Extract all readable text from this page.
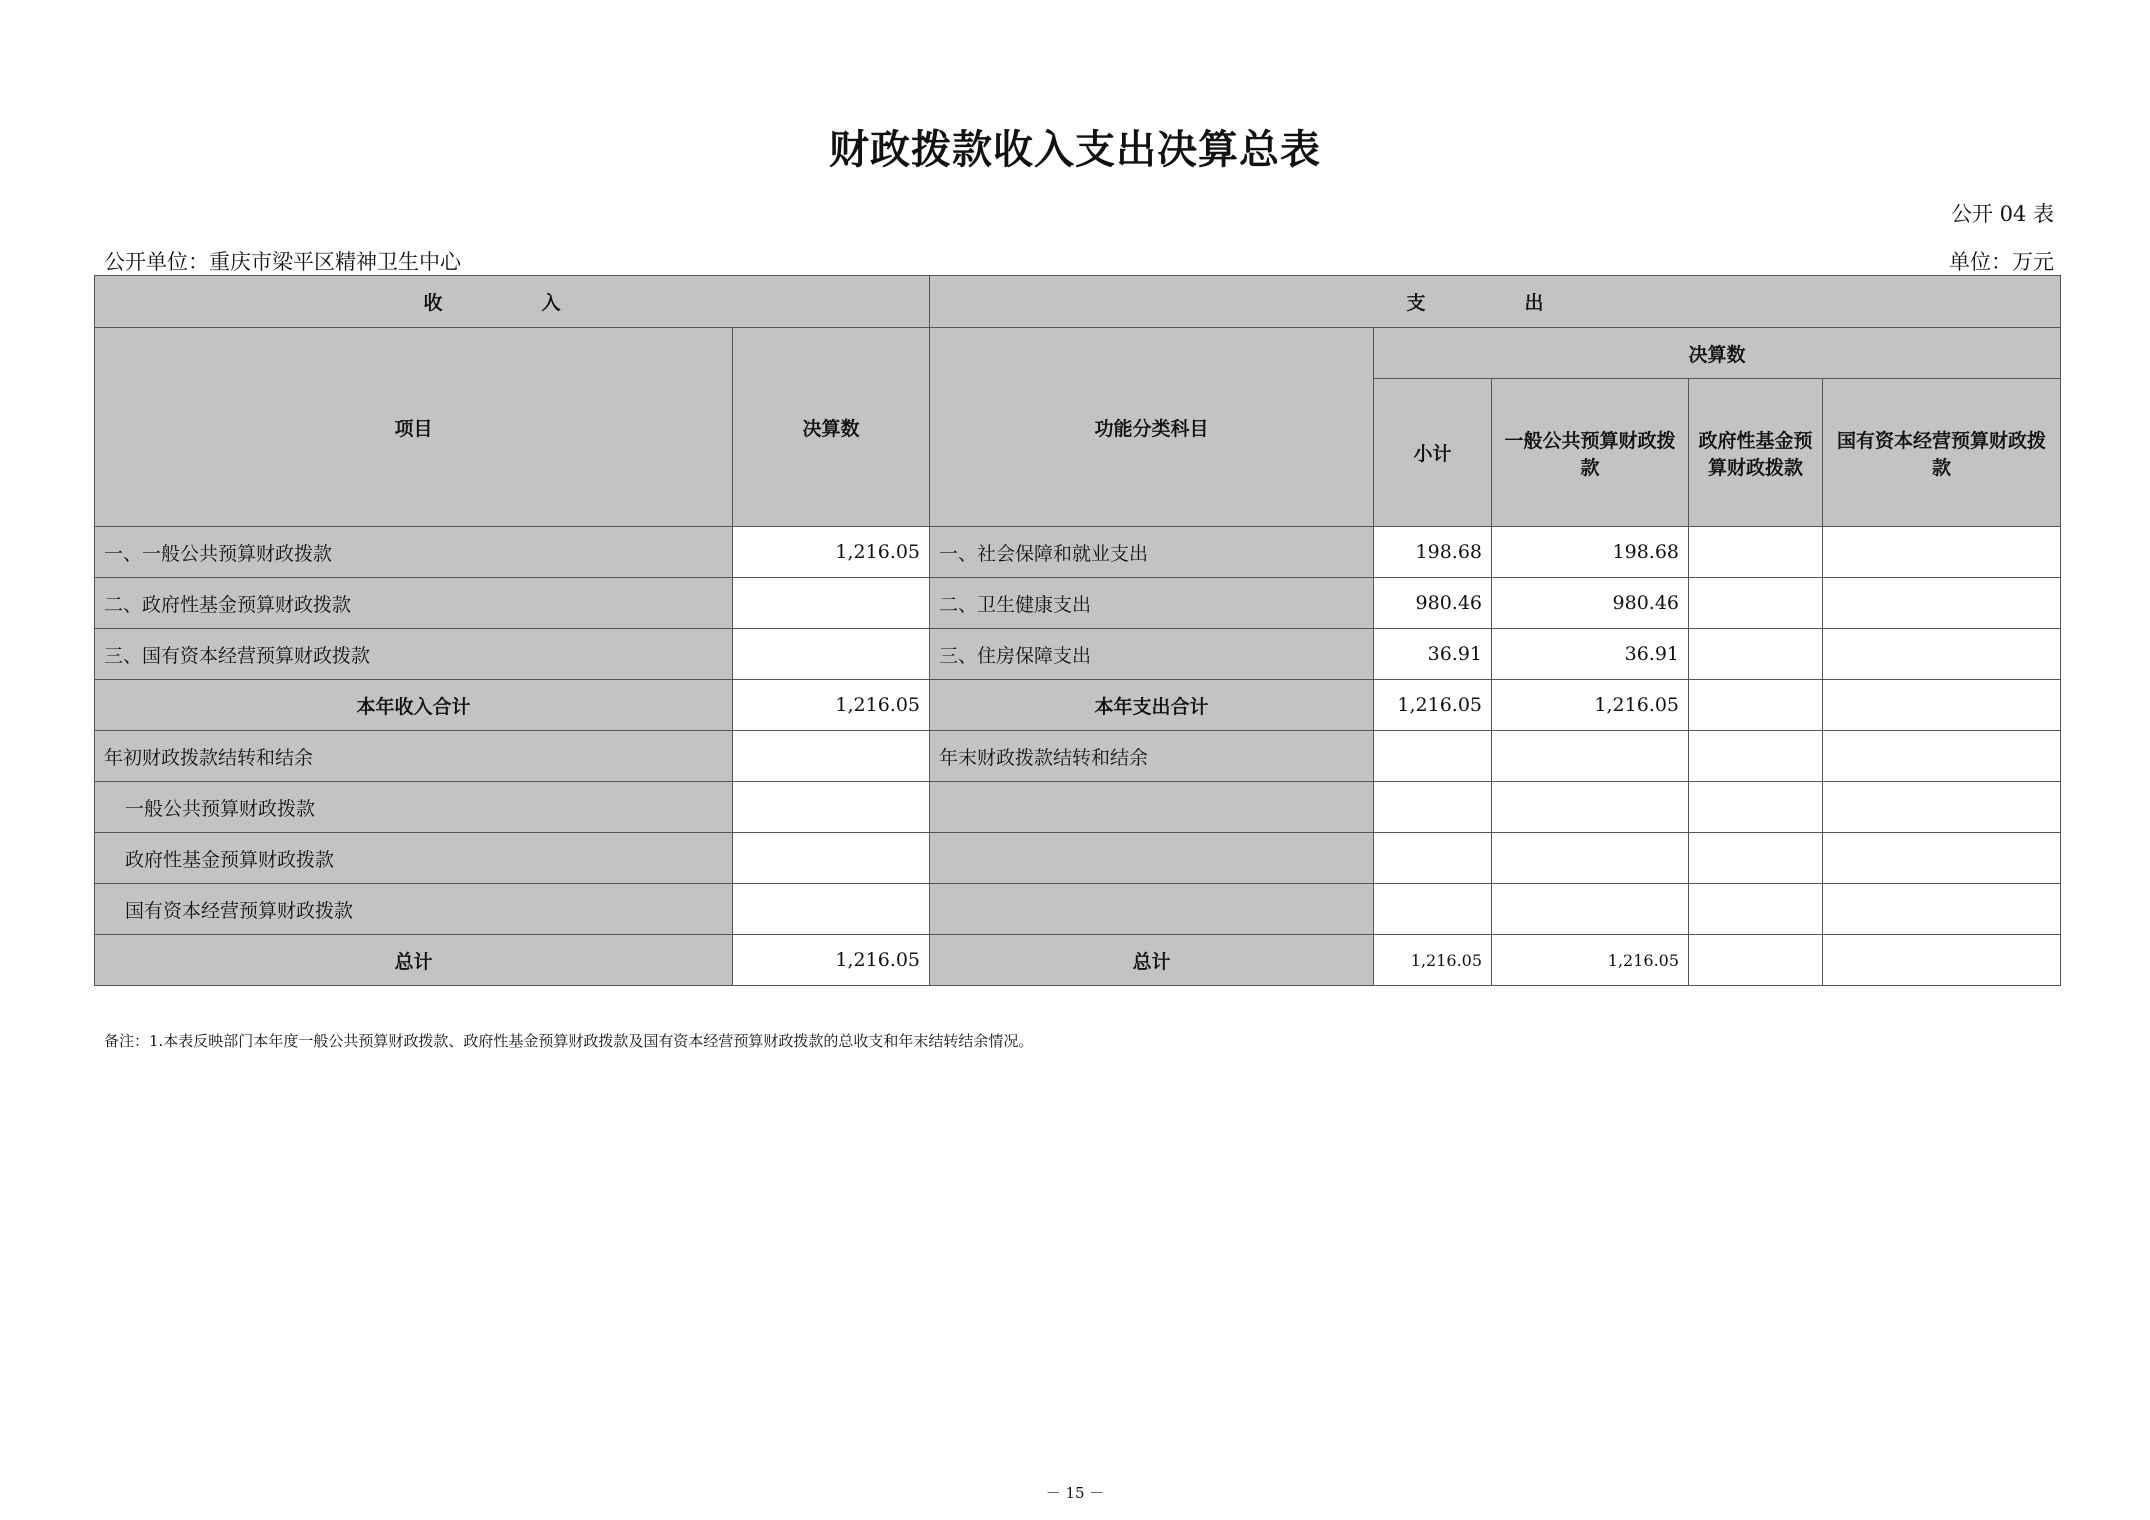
财政拨款收入支出决算总表
公开 04 表
公开单位：重庆市梁平区精神卫生中心	单位：万元
收　入		支　出				
项目	决算数	功能分类科目	决算数			
			小计	一般公共预算财政拨款	政府性基金预算财政拨款	国有资本经营预算财政拨款
一、一般公共预算财政拨款	1,216.05	一、社会保障和就业支出	198.68	198.68		
二、政府性基金预算财政拨款		二、卫生健康支出	980.46	980.46		
三、国有资本经营预算财政拨款		三、住房保障支出	36.91	36.91		
本年收入合计	1,216.05	本年支出合计	1,216.05	1,216.05		
年初财政拨款结转和结余		年末财政拨款结转和结余				
一般公共预算财政拨款						
政府性基金预算财政拨款						
国有资本经营预算财政拨款						
总计	1,216.05	总计	1,216.05	1,216.05		
备注：1.本表反映部门本年度一般公共预算财政拨款、政府性基金预算财政拨款及国有资本经营预算财政拨款的总收支和年末结转结余情况。
－ 15 －
